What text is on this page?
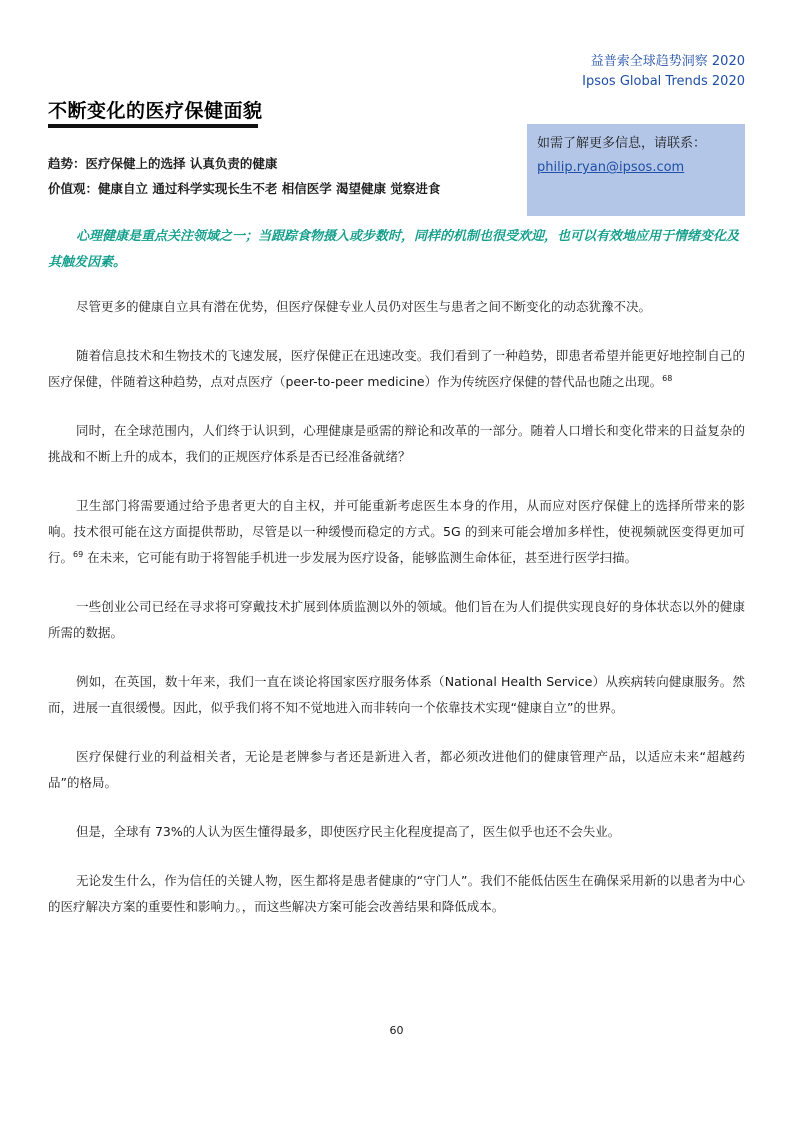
益普索全球趋势洞察 2020
Ipsos Global Trends 2020
不断变化的医疗保健面貌
如需了解更多信息，请联系：
philip.ryan@ipsos.com
趋势：医疗保健上的选择 认真负责的健康
价值观：健康自立 通过科学实现长生不老 相信医学 渴望健康 觉察进食

心理健康是重点关注领域之一；当跟踪食物摄入或步数时，同样的机制也很受欢迎，也可以有效地应用于情绪变化及其触发因素。

尽管更多的健康自立具有潜在优势，但医疗保健专业人员仍对医生与患者之间不断变化的动态犹豫不决。

随着信息技术和生物技术的飞速发展，医疗保健正在迅速改变。我们看到了一种趋势，即患者希望并能更好地控制自己的医疗保健，伴随着这种趋势，点对点医疗（peer-to-peer medicine）作为传统医疗保健的替代品也随之出现。$^{68}$

同时，在全球范围内，人们终于认识到，心理健康是亟需的辩论和改革的一部分。随着人口增长和变化带来的日益复杂的挑战和不断上升的成本，我们的正规医疗体系是否已经准备就绪？

卫生部门将需要通过给予患者更大的自主权，并可能重新考虑医生本身的作用，从而应对医疗保健上的选择所带来的影响。技术很可能在这方面提供帮助，尽管是以一种缓慢而稳定的方式。5G 的到来可能会增加多样性，使视频就医变得更加可行。$^{69}$ 在未来，它可能有助于将智能手机进一步发展为医疗设备，能够监测生命体征，甚至进行医学扫描。

一些创业公司已经在寻求将可穿戴技术扩展到体质监测以外的领域。他们旨在为人们提供实现良好的身体状态以外的健康所需的数据。

例如，在英国，数十年来，我们一直在谈论将国家医疗服务体系（National Health Service）从疾病转向健康服务。然而，进展一直很缓慢。因此，似乎我们将不知不觉地进入而非转向一个依靠技术实现“健康自立”的世界。

医疗保健行业的利益相关者，无论是老牌参与者还是新进入者，都必须改进他们的健康管理产品，以适应未来“超越药品”的格局。

但是，全球有 73%的人认为医生懂得最多，即使医疗民主化程度提高了，医生似乎也还不会失业。

无论发生什么，作为信任的关键人物，医生都将是患者健康的“守门人”。我们不能低估医生在确保采用新的以患者为中心的医疗解决方案的重要性和影响力。，而这些解决方案可能会改善结果和降低成本。

60
